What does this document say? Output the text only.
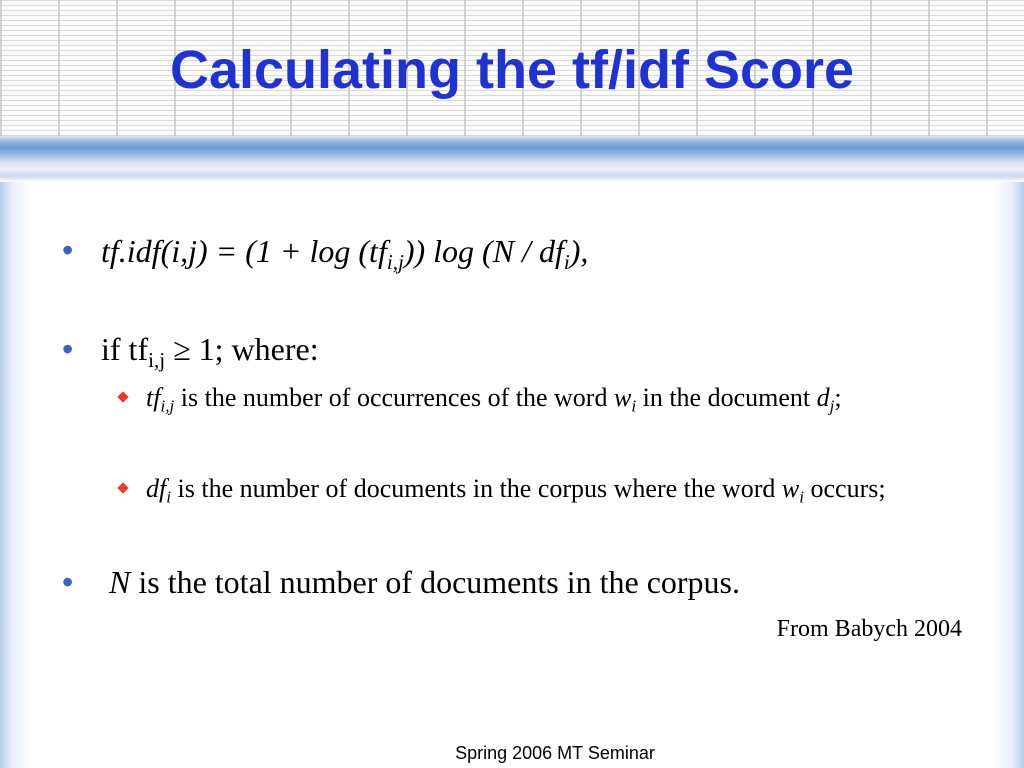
Calculating the tf/idf Score
• $tf.idf(i,j) = (1 + \log (tf_{i,j}))$ $\log (N / df_i)$,
• if $tf_{i,j} \ge 1$; where:
$tf_{i,j}$ is the number of occurrences of the word $w_i$ in the document $d_j$;
$df_i$ is the number of documents in the corpus where the word $w_i$ occurs;
• N is the total number of documents in the corpus.
From Babych 2004
Spring 2006 MT Seminar
